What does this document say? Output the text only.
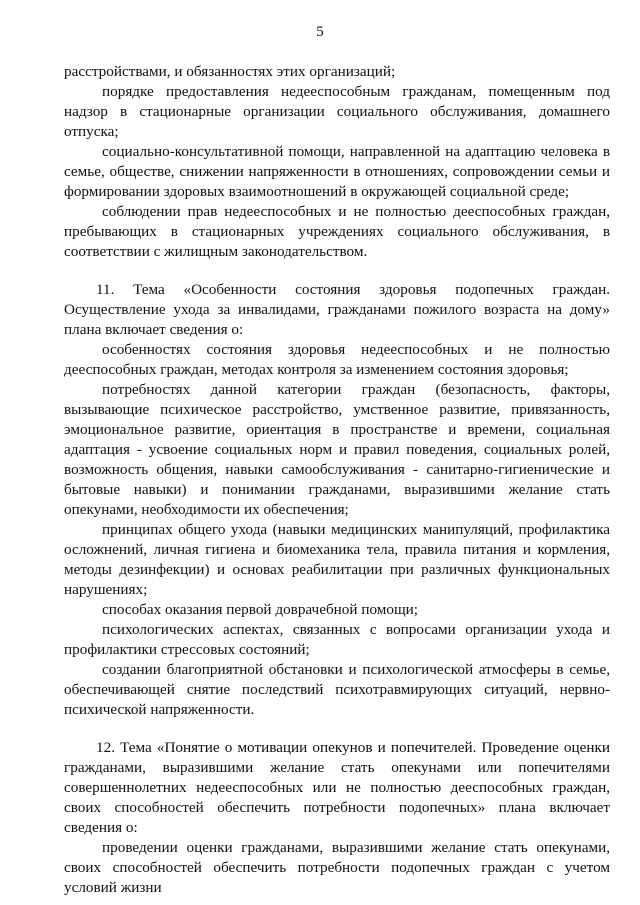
5

расстройствами, и обязанностях этих организаций;

порядке предоставления недееспособным гражданам, помещенным под надзор в стационарные организации социального обслуживания, домашнего отпуска;

социально-консультативной помощи, направленной на адаптацию человека в семье, обществе, снижении напряженности в отношениях, сопровождении семьи и формировании здоровых взаимоотношений в окружающей социальной среде;

соблюдении прав недееспособных и не полностью дееспособных граждан, пребывающих в стационарных учреждениях социального обслуживания, в соответствии с жилищным законодательством.

11. Тема «Особенности состояния здоровья подопечных граждан. Осуществление ухода за инвалидами, гражданами пожилого возраста на дому» плана включает сведения о:

особенностях состояния здоровья недееспособных и не полностью дееспособных граждан, методах контроля за изменением состояния здоровья;

потребностях данной категории граждан (безопасность, факторы, вызывающие психическое расстройство, умственное развитие, привязанность, эмоциональное развитие, ориентация в пространстве и времени, социальная адаптация - усвоение социальных норм и правил поведения, социальных ролей, возможность общения, навыки самообслуживания - санитарно-гигиенические и бытовые навыки) и понимании гражданами, выразившими желание стать опекунами, необходимости их обеспечения;

принципах общего ухода (навыки медицинских манипуляций, профилактика осложнений, личная гигиена и биомеханика тела, правила питания и кормления, методы дезинфекции) и основах реабилитации при различных функциональных нарушениях;

способах оказания первой доврачебной помощи;

психологических аспектах, связанных с вопросами организации ухода и профилактики стрессовых состояний;

создании благоприятной обстановки и психологической атмосферы в семье, обеспечивающей снятие последствий психотравмирующих ситуаций, нервно-психической напряженности.

12. Тема «Понятие о мотивации опекунов и попечителей. Проведение оценки гражданами, выразившими желание стать опекунами или попечителями совершеннолетних недееспособных или не полностью дееспособных граждан, своих способностей обеспечить потребности подопечных» плана включает сведения о:

проведении оценки гражданами, выразившими желание стать опекунами, своих способностей обеспечить потребности подопечных граждан с учетом условий жизни
